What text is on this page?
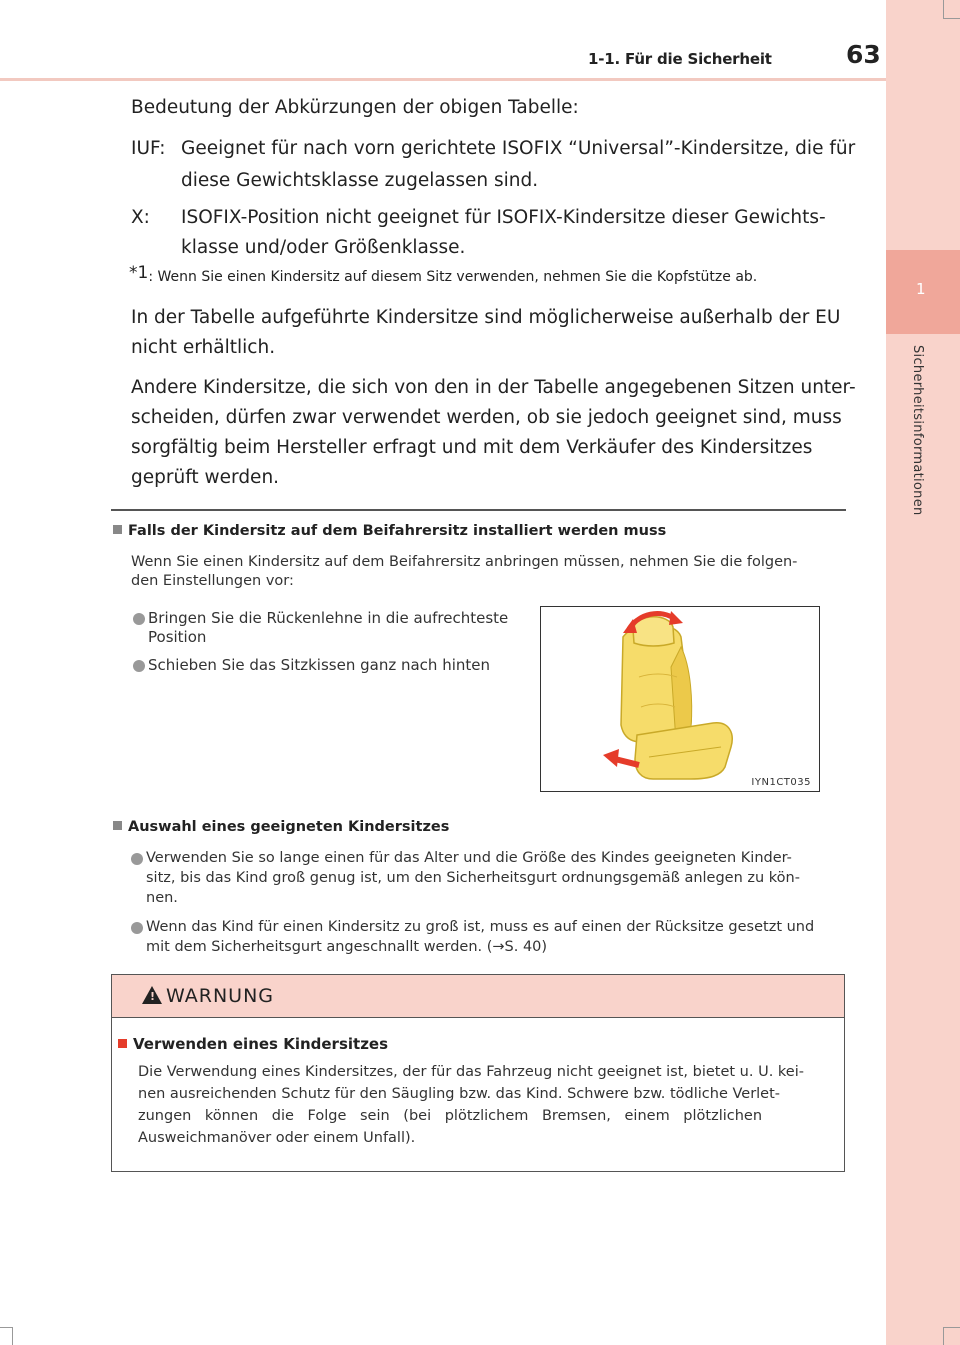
1-1. Für die Sicherheit	63
1
Sicherheitsinformationen
Bedeutung der Abkürzungen der obigen Tabelle:
IUF: Geeignet für nach vorn gerichtete ISOFIX “Universal”-Kindersitze, die für
diese Gewichtsklasse zugelassen sind.
X: ISOFIX-Position nicht geeignet für ISOFIX-Kindersitze dieser Gewichts-
klasse und/oder Größenklasse.
*1: Wenn Sie einen Kindersitz auf diesem Sitz verwenden, nehmen Sie die Kopfstütze ab.
In der Tabelle aufgeführte Kindersitze sind möglicherweise außerhalb der EU
nicht erhältlich.
Andere Kindersitze, die sich von den in der Tabelle angegebenen Sitzen unter-
scheiden, dürfen zwar verwendet werden, ob sie jedoch geeignet sind, muss
sorgfältig beim Hersteller erfragt und mit dem Verkäufer des Kindersitzes
geprüft werden.
Falls der Kindersitz auf dem Beifahrersitz installiert werden muss
Wenn Sie einen Kindersitz auf dem Beifahrersitz anbringen müssen, nehmen Sie die folgen-
den Einstellungen vor:
Bringen Sie die Rückenlehne in die aufrechteste
Position
Schieben Sie das Sitzkissen ganz nach hinten
IYN1CT035
Auswahl eines geeigneten Kindersitzes
Verwenden Sie so lange einen für das Alter und die Größe des Kindes geeigneten Kinder-
sitz, bis das Kind groß genug ist, um den Sicherheitsgurt ordnungsgemäß anlegen zu kön-
nen.
Wenn das Kind für einen Kindersitz zu groß ist, muss es auf einen der Rücksitze gesetzt und
mit dem Sicherheitsgurt angeschnallt werden. (→S. 40)
! WARNUNG
Verwenden eines Kindersitzes
Die Verwendung eines Kindersitzes, der für das Fahrzeug nicht geeignet ist, bietet u. U. kei-
nen ausreichenden Schutz für den Säugling bzw. das Kind. Schwere bzw. tödliche Verlet-
zungen können die Folge sein (bei plötzlichem Bremsen, einem plötzlichen
Ausweichmanöver oder einem Unfall).
